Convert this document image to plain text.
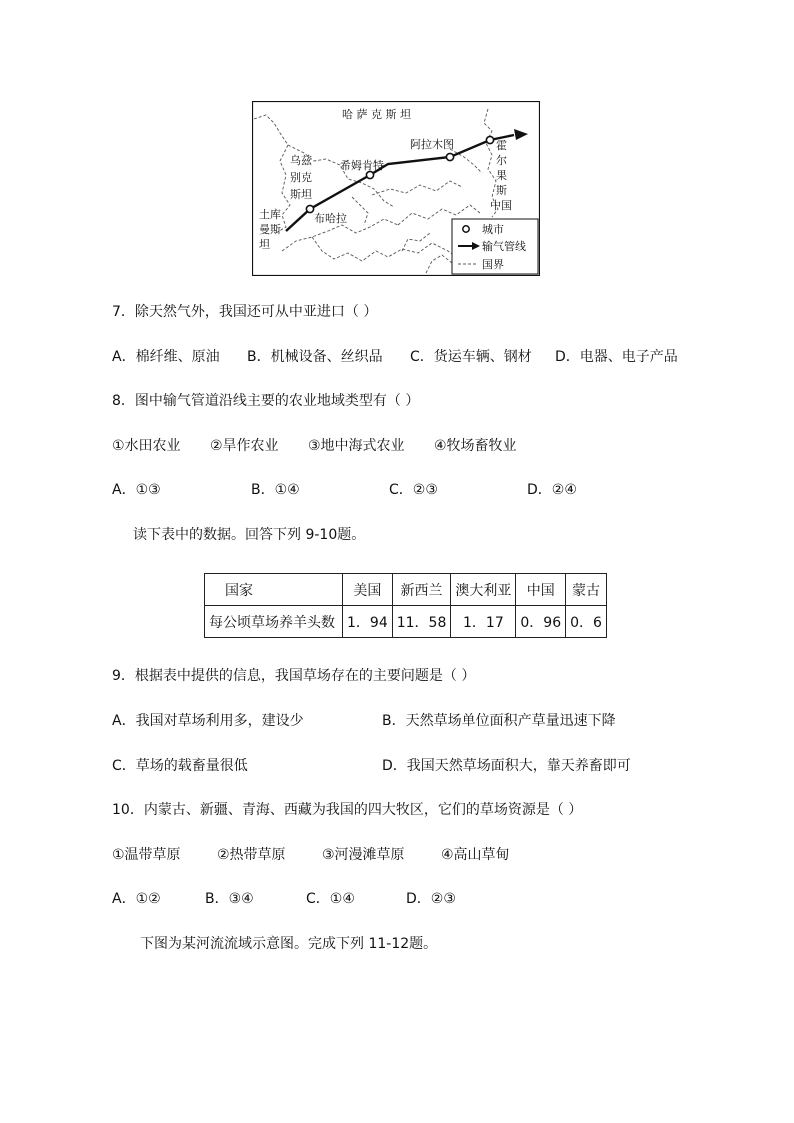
哈 萨 克 斯 坦
乌兹
别克
斯坦
土库
曼斯
坦
布哈拉
希姆肯特
阿拉木图	霍
尔
果
斯
中国
城市
输气管线
国界
7．除天然气外，我国还可从中亚进口（ ）
A．棉纤维、原油 B．机械设备、丝织品 C．货运车辆、钢材 D．电器、电子产品
8．图中输气管道沿线主要的农业地域类型有（ ）
①水田农业 ②旱作农业 ③地中海式农业 ④牧场畜牧业
A．①③	B．①④	C．②③	D．②④
读下表中的数据。回答下列 9-10题。
国家	美国	新西兰	澳大利亚	中国	蒙古
每公顷草场养羊头数	1．94	11．58	1．17	0．96	0．6
9．根据表中提供的信息，我国草场存在的主要问题是（ ）
A．我国对草场利用多，建设少	B．天然草场单位面积产草量迅速下降
C．草场的载畜量很低	D．我国天然草场面积大，靠天养畜即可
10．内蒙古、新疆、青海、西藏为我国的四大牧区，它们的草场资源是（ ）
①温带草原	②热带草原	③河漫滩草原	④高山草甸
A．①②	B．③④	C．①④	D．②③
下图为某河流流域示意图。完成下列 11-12题。
